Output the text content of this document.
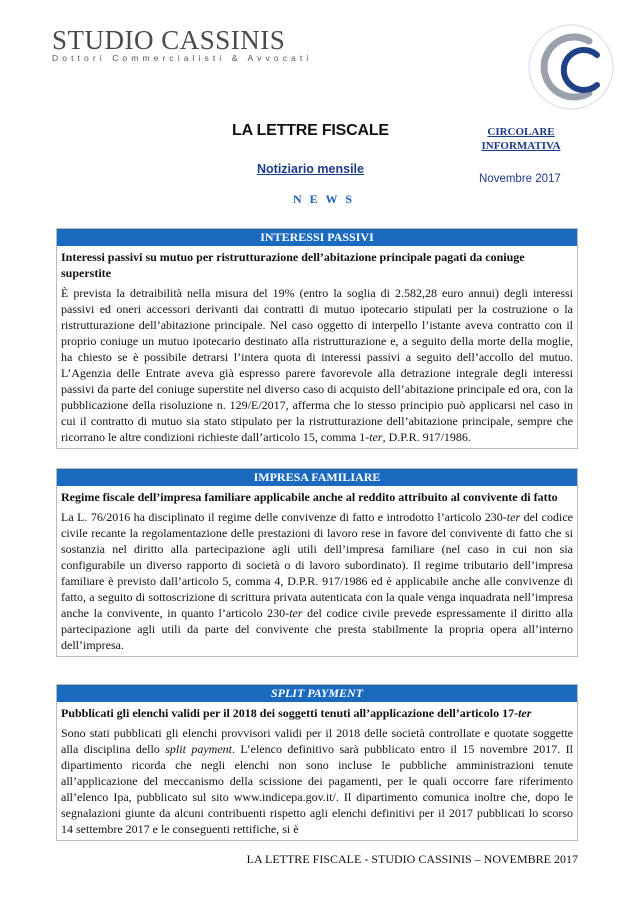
STUDIO CASSINIS
Dottori Commercialisti & Avvocati
LA LETTRE FISCALE
Notiziario mensile
N E W S
CIRCOLARE INFORMATIVA
Novembre 2017
INTERESSI PASSIVI
Interessi passivi su mutuo per ristrutturazione dell’abitazione principale pagati da coniuge superstite
È prevista la detraibilità nella misura del 19% (entro la soglia di 2.582,28 euro annui) degli interessi passivi ed oneri accessori derivanti dai contratti di mutuo ipotecario stipulati per la costruzione o la ristrutturazione dell’abitazione principale. Nel caso oggetto di interpello l’istante aveva contratto con il proprio coniuge un mutuo ipotecario destinato alla ristrutturazione e, a seguito della morte della moglie, ha chiesto se è possibile detrarsi l’intera quota di interessi passivi a seguito dell’accollo del mutuo. L’Agenzia delle Entrate aveva già espresso parere favorevole alla detrazione integrale degli interessi passivi da parte del coniuge superstite nel diverso caso di acquisto dell’abitazione principale ed ora, con la pubblicazione della risoluzione n. 129/E/2017, afferma che lo stesso principio può applicarsi nel caso in cui il contratto di mutuo sia stato stipulato per la ristrutturazione dell’abitazione principale, sempre che ricorrano le altre condizioni richieste dall’articolo 15, comma 1-ter, D.P.R. 917/1986.
IMPRESA FAMILIARE
Regime fiscale dell’impresa familiare applicabile anche al reddito attribuito al convivente di fatto
La L. 76/2016 ha disciplinato il regime delle convivenze di fatto e introdotto l’articolo 230-ter del codice civile recante la regolamentazione delle prestazioni di lavoro rese in favore del convivente di fatto che si sostanzia nel diritto alla partecipazione agli utili dell’impresa familiare (nel caso in cui non sia configurabile un diverso rapporto di società o di lavoro subordinato). Il regime tributario dell’impresa familiare è previsto dall’articolo 5, comma 4, D.P.R. 917/1986 ed è applicabile anche alle convivenze di fatto, a seguito di sottoscrizione di scrittura privata autenticata con la quale venga inquadrata nell’impresa anche la convivente, in quanto l’articolo 230-ter del codice civile prevede espressamente il diritto alla partecipazione agli utili da parte del convivente che presta stabilmente la propria opera all’interno dell’impresa.
SPLIT PAYMENT
Pubblicati gli elenchi validi per il 2018 dei soggetti tenuti all’applicazione dell’articolo 17-ter
Sono stati pubblicati gli elenchi provvisori validi per il 2018 delle società controllate e quotate soggette alla disciplina dello split payment. L’elenco definitivo sarà pubblicato entro il 15 novembre 2017. Il dipartimento ricorda che negli elenchi non sono incluse le pubbliche amministrazioni tenute all’applicazione del meccanismo della scissione dei pagamenti, per le quali occorre fare riferimento all’elenco Ipa, pubblicato sul sito www.indicepa.gov.it/. Il dipartimento comunica inoltre che, dopo le segnalazioni giunte da alcuni contribuenti rispetto agli elenchi definitivi per il 2017 pubblicati lo scorso 14 settembre 2017 e le conseguenti rettifiche, si è
LA LETTRE FISCALE - STUDIO CASSINIS – NOVEMBRE 2017
